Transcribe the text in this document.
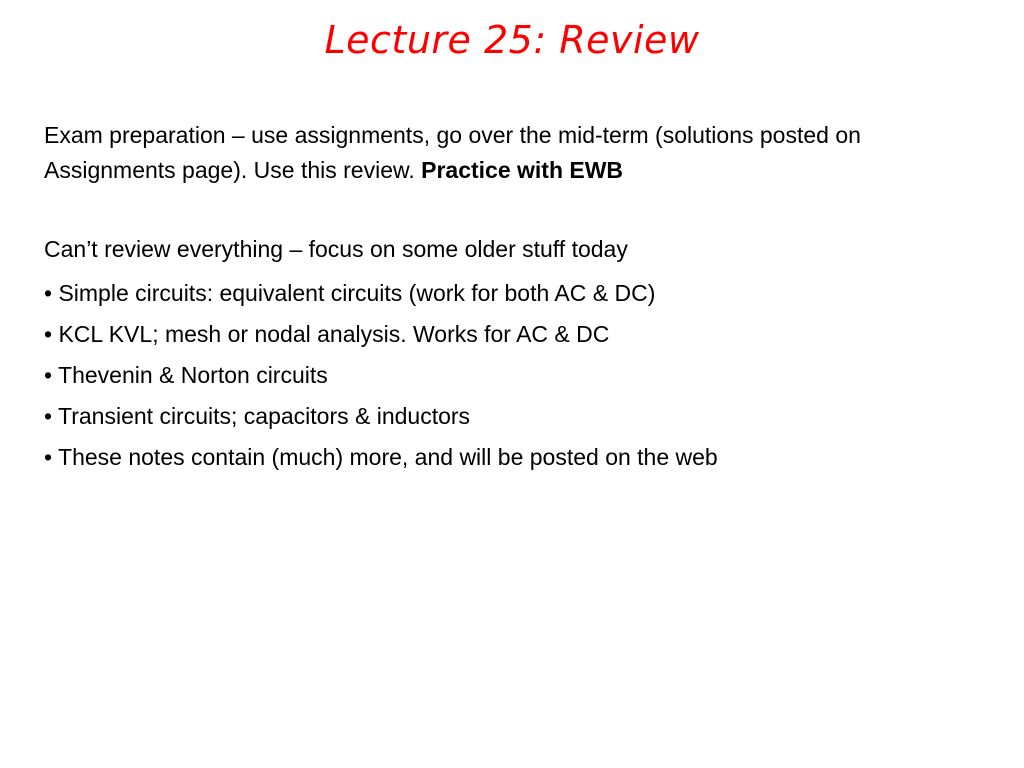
Lecture 25: Review
Exam preparation – use assignments, go over the mid-term (solutions posted on Assignments page). Use this review. Practice with EWB
Can’t review everything – focus on some older stuff today
• Simple circuits: equivalent circuits (work for both AC & DC)
• KCL KVL; mesh or nodal analysis. Works for AC & DC
• Thevenin & Norton circuits
• Transient circuits; capacitors & inductors
• These notes contain (much) more, and will be posted on the web
